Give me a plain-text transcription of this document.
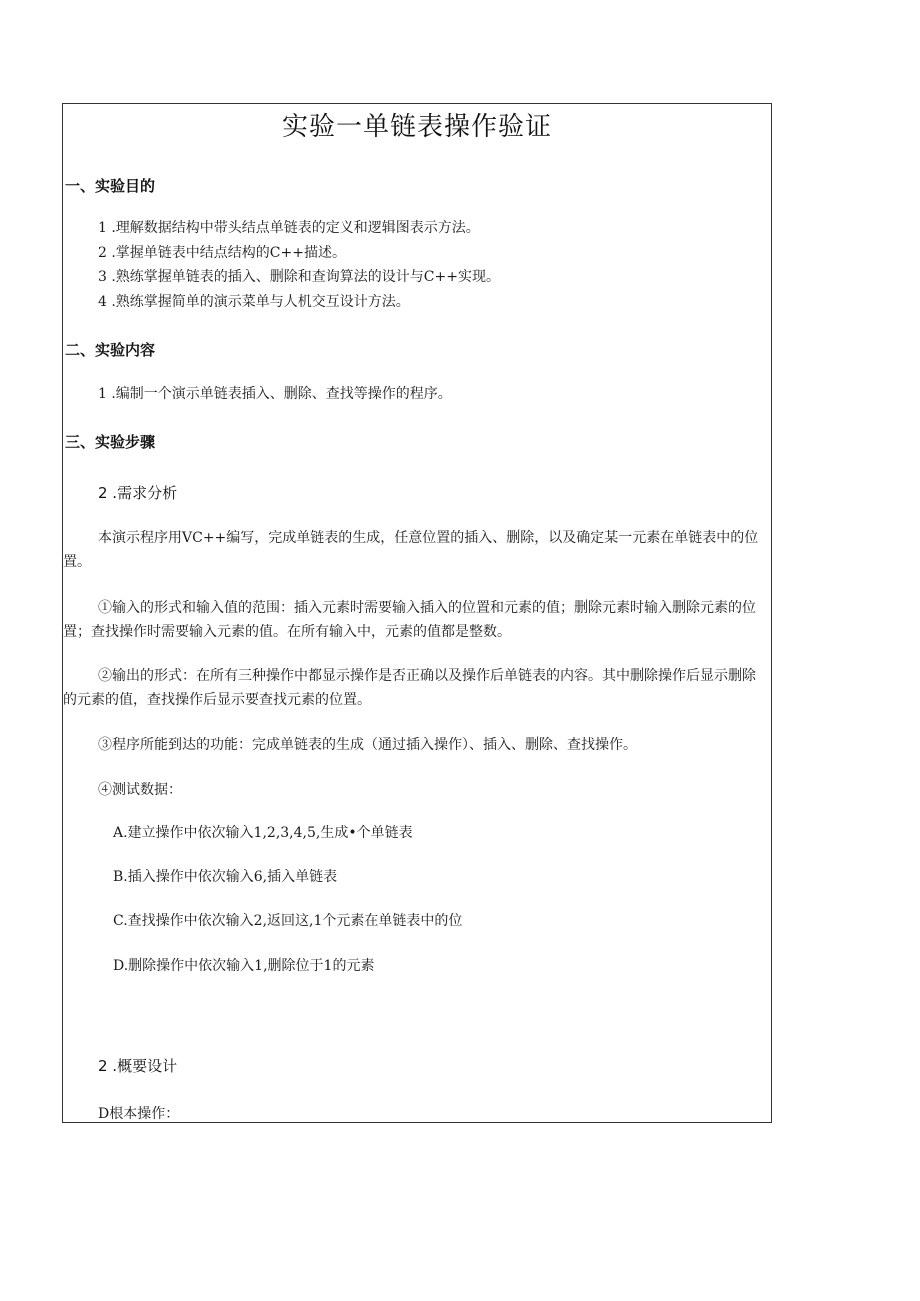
实验一单链表操作验证
一、实验目的
1 .理解数据结构中带头结点单链表的定义和逻辑图表示方法。
2 .掌握单链表中结点结构的C++描述。
3 .熟练掌握单链表的插入、删除和查询算法的设计与C++实现。
4 .熟练掌握简单的演示菜单与人机交互设计方法。
二、实验内容
1 .编制一个演示单链表插入、删除、查找等操作的程序。
三、实验步骤
2 .需求分析
本演示程序用VC++编写，完成单链表的生成，任意位置的插入、删除，以及确定某一元素在单链表中的位置。
①输入的形式和输入值的范围：插入元素时需要输入插入的位置和元素的值；删除元素时输入删除元素的位置；查找操作时需要输入元素的值。在所有输入中，元素的值都是整数。
②输出的形式：在所有三种操作中都显示操作是否正确以及操作后单链表的内容。其中删除操作后显示删除的元素的值，查找操作后显示要查找元素的位置。
③程序所能到达的功能：完成单链表的生成（通过插入操作）、插入、删除、查找操作。
④测试数据：
A.建立操作中依次输入1,2,3,4,5,生成•个单链表
B.插入操作中依次输入6,插入单链表
C.查找操作中依次输入2,返回这,1个元素在单链表中的位
D.删除操作中依次输入1,删除位于1的元素
2 .概要设计
D根本操作：
